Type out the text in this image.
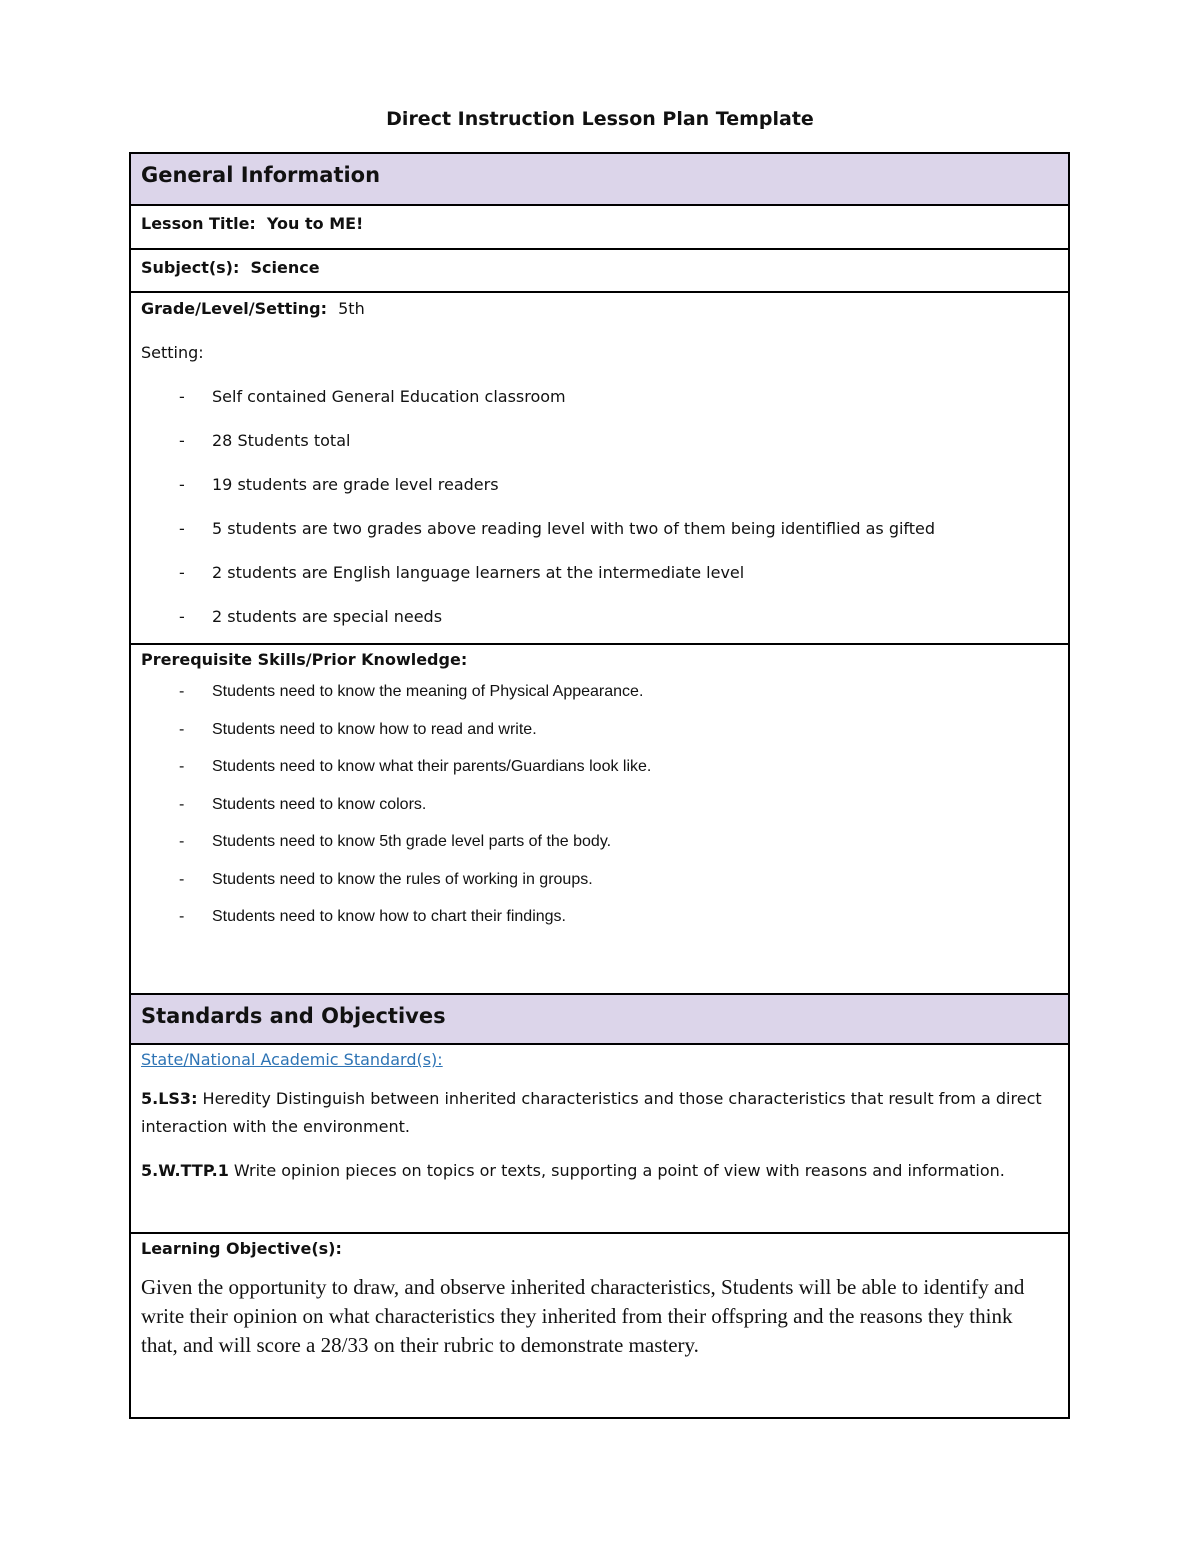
Direct Instruction Lesson Plan Template
General Information
Lesson Title: You to ME!
Subject(s): Science
Grade/Level/Setting: 5th
Setting:
- Self contained General Education classroom
- 28 Students total
- 19 students are grade level readers
- 5 students are two grades above reading level with two of them being identiflied as gifted
- 2 students are English language learners at the intermediate level
- 2 students are special needs
Prerequisite Skills/Prior Knowledge:
- Students need to know the meaning of Physical Appearance.
- Students need to know how to read and write.
- Students need to know what their parents/Guardians look like.
- Students need to know colors.
- Students need to know 5th grade level parts of the body.
- Students need to know the rules of working in groups.
- Students need to know how to chart their findings.
Standards and Objectives
State/National Academic Standard(s):
5.LS3: Heredity Distinguish between inherited characteristics and those characteristics that result from a direct interaction with the environment.
5.W.TTP.1 Write opinion pieces on topics or texts, supporting a point of view with reasons and information.
Learning Objective(s):
Given the opportunity to draw, and observe inherited characteristics, Students will be able to identify and write their opinion on what characteristics they inherited from their offspring and the reasons they think that, and will score a 28/33 on their rubric to demonstrate mastery.
